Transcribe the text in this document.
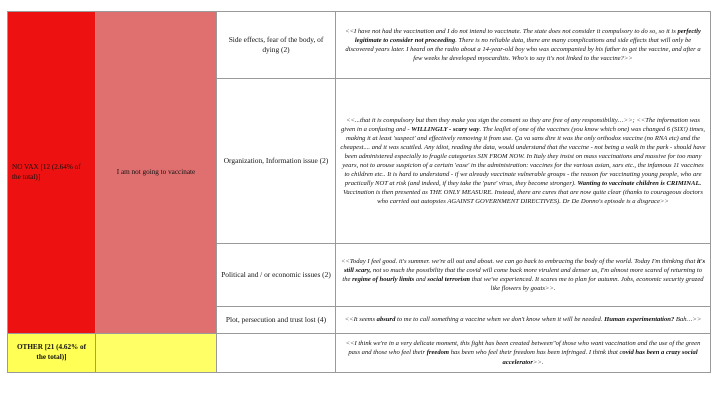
NO VAX [12 (2.64% of the total)]	I am not going to vaccinate	Side effects, fear of the body, of dying (2)	<<I have not had the vaccination and I do not intend to vaccinate. The state does not consider it compulsory to do so, so it is perfectly legitimate to consider not proceeding. There is no reliable data, there are many complications and side effects that will only be discovered years later. I heard on the radio about a 14-year-old boy who was accompanied by his father to get the vaccine, and after a few weeks he developed myocarditis. Who's to say it's not linked to the vaccine?>>
		Organization, Information issue (2)	<<...that it is compulsory but then they make you sign the consent so they are free of any responsibility…>>; <<The information was given in a confusing and - WILLINGLY - scary way. The leaflet of one of the vaccines (you know which one) was changed 6 (SIX!) times, making it at least 'suspect' and effectively removing it from use. Ça va sans dire it was the only orthodox vaccine (no RNA etc) and the cheapest.... and it was scuttled. Any idiot, reading the data, would understand that the vaccine - not being a walk in the park - should have been administered especially to fragile categories SIN FROM NOW. In Italy they insist on mass vaccinations and massive for too many years, not to arouse suspicion of a certain 'ease' in the administration: vaccines for the various asian, sars etc., the infamous 11 vaccines to children etc.. It is hard to understand - if we already vaccinate vulnerable groups - the reason for vaccinating young people, who are practically NOT at risk (and indeed, if they take the 'pure' virus, they become stronger). Wanting to vaccinate children is CRIMINAL. Vaccination is then presented as THE ONLY MEASURE. Instead, there are cures that are now quite clear (thanks to courageous doctors who carried out autopsies AGAINST GOVERNMENT DIRECTIVES). Dr De Donno's episode is a disgrace>>
		Political and / or economic issues (2)	<<Today I feel good. it's summer. we're all out and about. we can go back to embracing the body of the world. Today I'm thinking that it's still scary, not so much the possibility that the covid will come back more virulent and denser us, I'm almost more scared of returning to the regime of hourly limits and social terrorism that we've experienced. It scares me to plan for autumn. Jobs, economic security grazed like flowers by goats>>.
		Plot, persecution and trust lost (4)	<<It seems absurd to me to call something a vaccine when we don't know when it will be needed. Human experimentation? Bah…>>
OTHER [21 (4.62% of the total)]			<<I think we're in a very delicate moment, this fight has been created between"of those who want vaccination and the use of the green pass and those who feel their freedom has been who feel their freedom has been infringed. I think that covid has been a crazy social accelerator>>.
